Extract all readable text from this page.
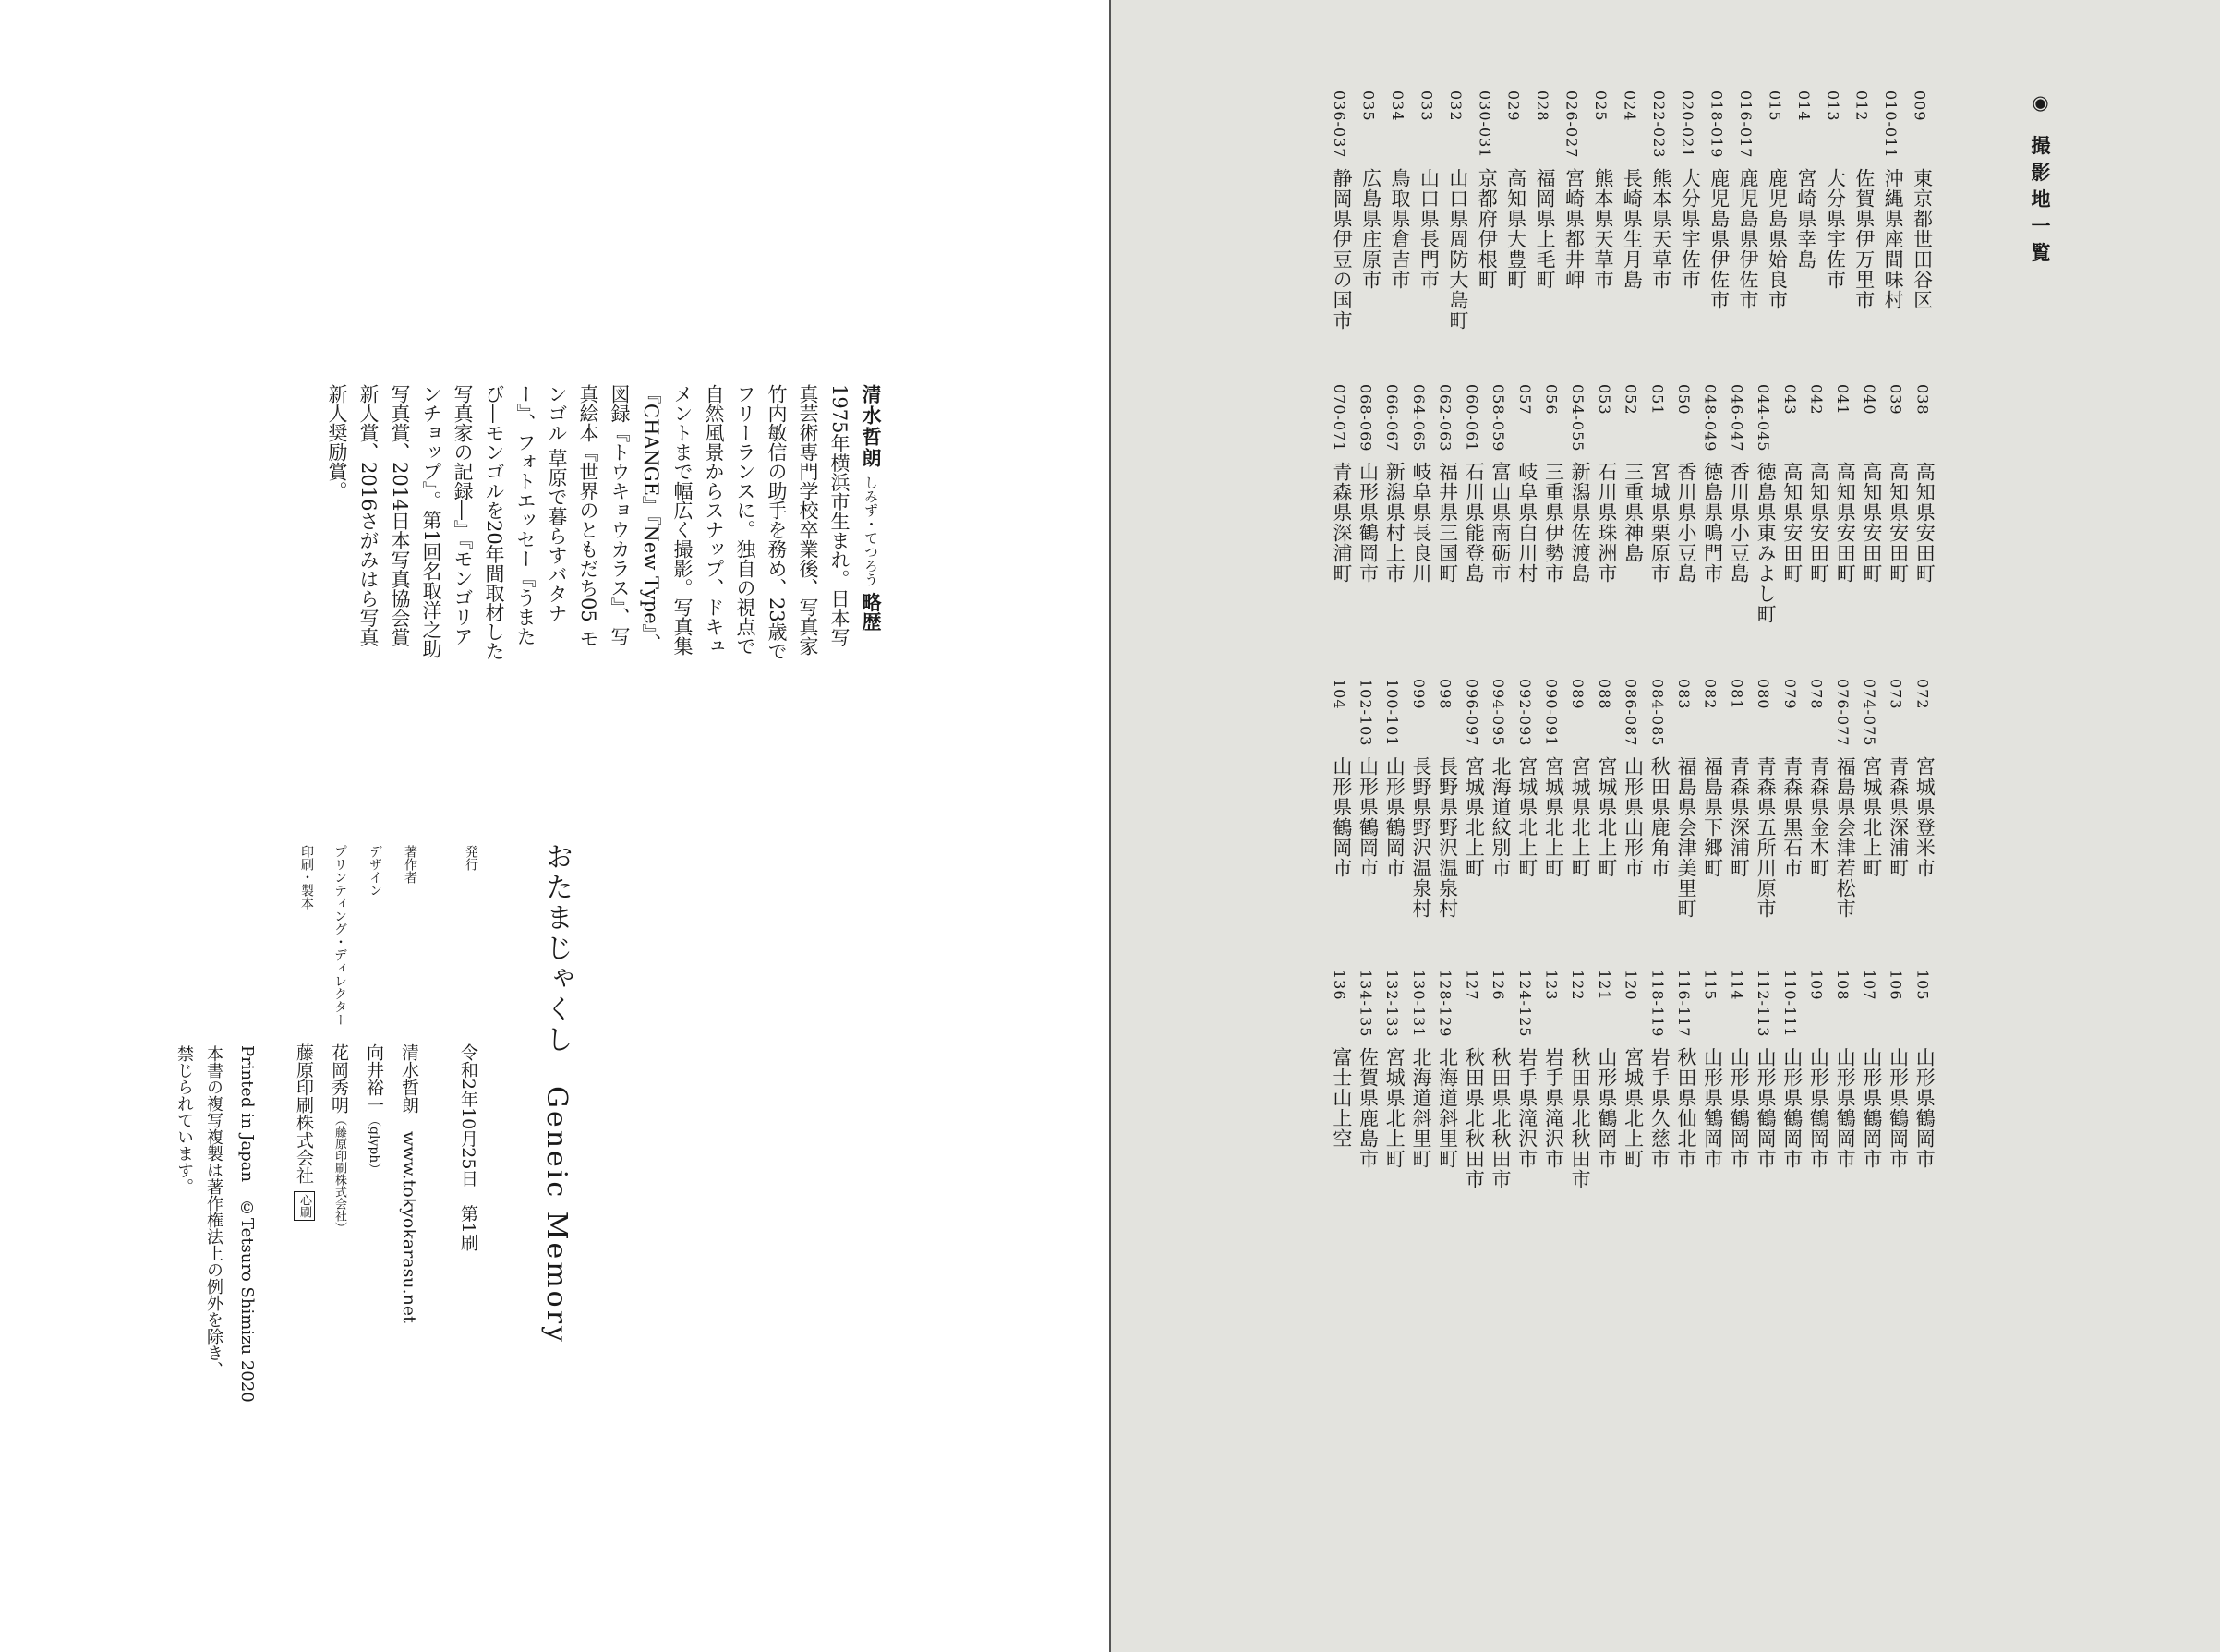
◉ 撮影地一覧
009
東京都世田谷区
010-011
沖縄県座間味村
012
佐賀県伊万里市
013
大分県宇佐市
014
宮崎県幸島
015
鹿児島県姶良市
016-017
鹿児島県伊佐市
018-019
鹿児島県伊佐市
020-021
大分県宇佐市
022-023
熊本県天草市
024
長崎県生月島
025
熊本県天草市
026-027
宮崎県都井岬
028
福岡県上毛町
029
高知県大豊町
030-031
京都府伊根町
032
山口県周防大島町
033
山口県長門市
034
鳥取県倉吉市
035
広島県庄原市
036-037
静岡県伊豆の国市
038
高知県安田町
039
高知県安田町
040
高知県安田町
041
高知県安田町
042
高知県安田町
043
高知県安田町
044-045
徳島県東みよし町
046-047
香川県小豆島
048-049
徳島県鳴門市
050
香川県小豆島
051
宮城県栗原市
052
三重県神島
053
石川県珠洲市
054-055
新潟県佐渡島
056
三重県伊勢市
057
岐阜県白川村
058-059
富山県南砺市
060-061
石川県能登島
062-063
福井県三国町
064-065
岐阜県長良川
066-067
新潟県村上市
068-069
山形県鶴岡市
070-071
青森県深浦町
072
宮城県登米市
073
青森県深浦町
074-075
宮城県北上町
076-077
福島県会津若松市
078
青森県金木町
079
青森県黒石市
080
青森県五所川原市
081
青森県深浦町
082
福島県下郷町
083
福島県会津美里町
084-085
秋田県鹿角市
086-087
山形県山形市
088
宮城県北上町
089
宮城県北上町
090-091
宮城県北上町
092-093
宮城県北上町
094-095
北海道紋別市
096-097
宮城県北上町
098
長野県野沢温泉村
099
長野県野沢温泉村
100-101
山形県鶴岡市
102-103
山形県鶴岡市
104
山形県鶴岡市
105
山形県鶴岡市
106
山形県鶴岡市
107
山形県鶴岡市
108
山形県鶴岡市
109
山形県鶴岡市
110-111
山形県鶴岡市
112-113
山形県鶴岡市
114
山形県鶴岡市
115
山形県鶴岡市
116-117
秋田県仙北市
118-119
岩手県久慈市
120
宮城県北上町
121
山形県鶴岡市
122
秋田県北秋田市
123
岩手県滝沢市
124-125
岩手県滝沢市
126
秋田県北秋田市
127
秋田県北秋田市
128-129
北海道斜里町
130-131
北海道斜里町
132-133
宮城県北上町
134-135
佐賀県鹿島市
136
富士山上空
清水哲朗 しみず・てつろう 略歴 1975年横浜市生まれ。日本写真芸術専門学校卒業後、写真家竹内敏信の助手を務め、23歳でフリーランスに。独自の視点で自然風景からスナップ、ドキュメントまで幅広く撮影。写真集『CHANGE』『New Type』、図録『トウキョウカラス』、写真絵本『世界のともだち05 モンゴル 草原で暮らすバタナー』、フォトエッセー『うまたび―モンゴルを20年間取材した写真家の記録―』『モンゴリアンチョップ』。第1回名取洋之助写真賞、2014日本写真協会賞新人賞、2016さがみはら写真新人奨励賞。
おたまじゃくし　Geneic Memory
発行
令和2年10月25日　第1刷
著作者
清水哲朗　www.tokyokarasu.net
デザイン
向井裕一（glyph）
プリンティング・ディレクター
花岡秀明（藤原印刷株式会社）
印刷・製本
藤原印刷株式会社心刷
Printed in Japan　©Tetsuro Shimizu 2020
本書の複写複製は著作権法上の例外を除き、
禁じられています。
